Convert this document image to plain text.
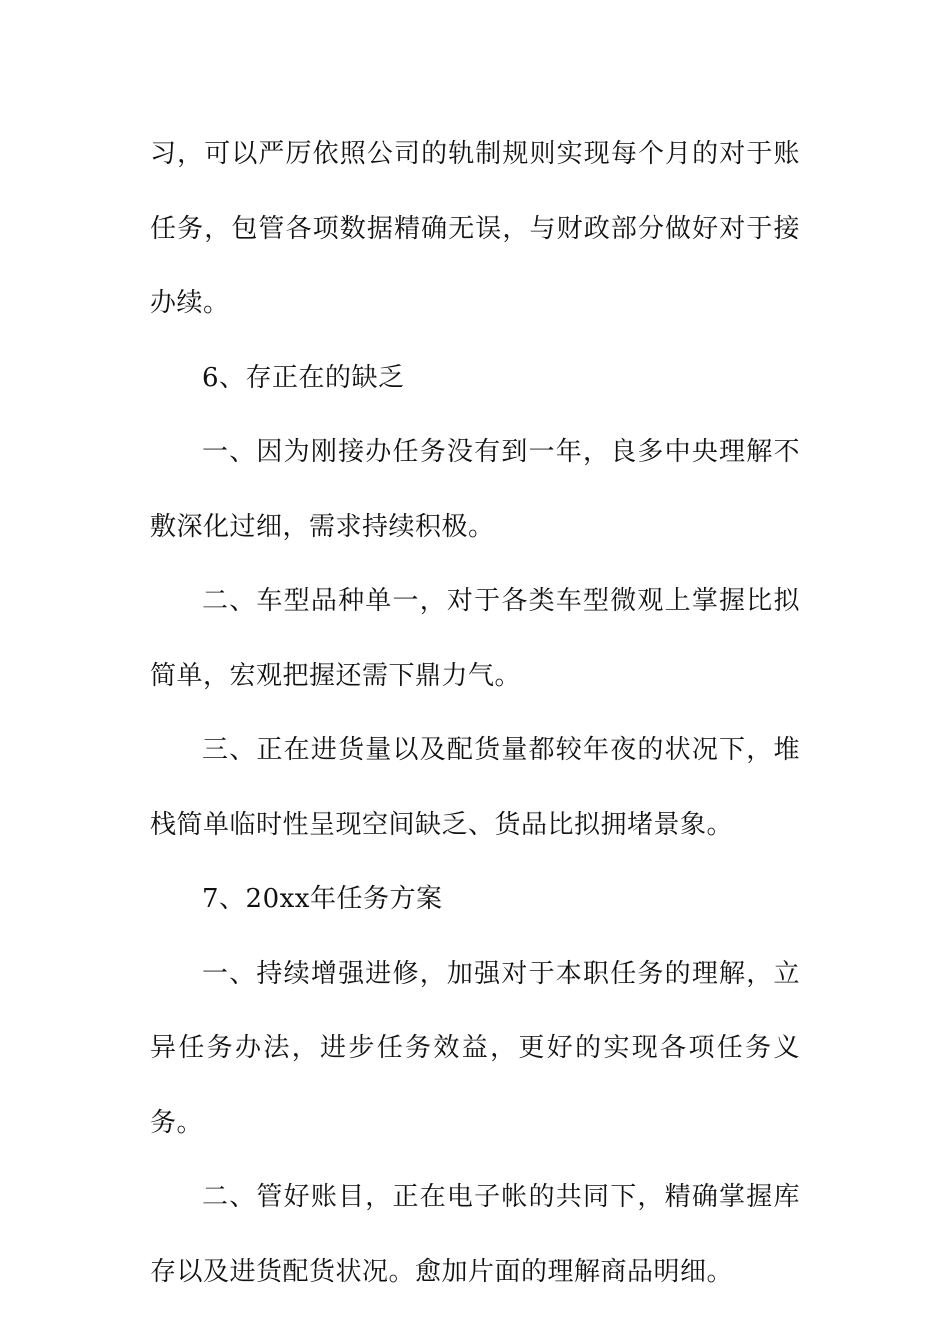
习，可以严厉依照公司的轨制规则实现每个月的对于账任务，包管各项数据精确无误，与财政部分做好对于接办续。

6、存正在的缺乏

一、因为刚接办任务没有到一年，良多中央理解不敷深化过细，需求持续积极。

二、车型品种单一，对于各类车型微观上掌握比拟简单，宏观把握还需下鼎力气。

三、正在进货量以及配货量都较年夜的状况下，堆栈简单临时性呈现空间缺乏、货品比拟拥堵景象。

7、20xx年任务方案

一、持续增强进修，加强对于本职任务的理解，立异任务办法，进步任务效益，更好的实现各项任务义务。

二、管好账目，正在电子帐的共同下，精确掌握库存以及进货配货状况。愈加片面的理解商品明细。
